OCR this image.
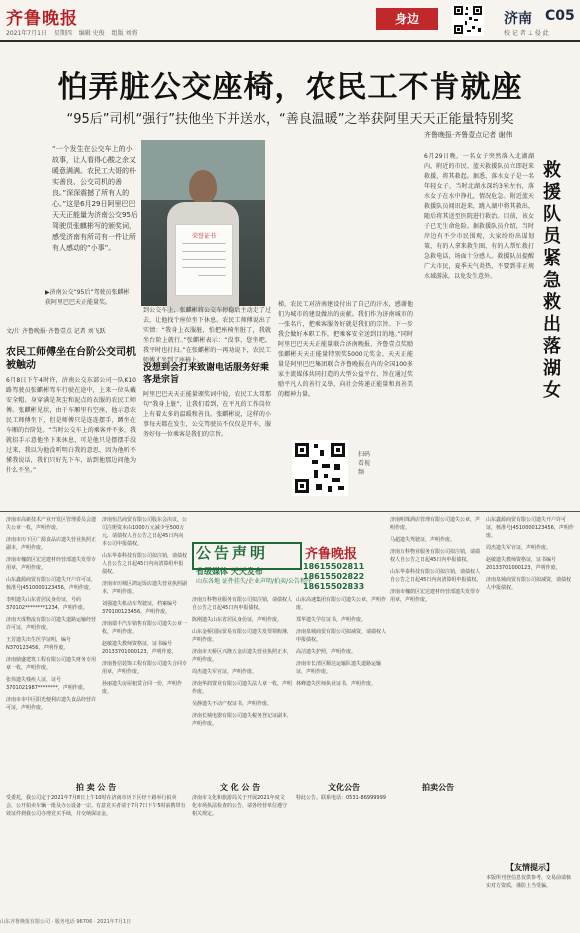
齐鲁晚报
2021年7月1日 星期四 编辑 史俊 组版 刘将
身边	济南 C05
校 记 者 ⊥ 侵 此
怕弄脏公交座椅，农民工不肯就座
“95后”司机“强行”扶他坐下并送水，“善良温暖”之举获阿里天天正能量特别奖
“一个发生在公交车上的小故事，让人看得心酸之余又暖意满满。农民工大哥的朴实善良、公交司机的善良。”深深震撼了所有人的心。”这是6月29日阿里巴巴天天正能量为济南公交95后驾驶员张麒彬写的颁奖词，感受济南有所司有一件让所有人感动的“小事”。
荣誉证书
▶济南公交“95后”驾驶员张麒彬获阿里巴巴天正能量奖。
文/片 齐鲁晚报·齐鲁壹点 记者 刘飞跃
农民工师傅坐在台阶公交司机被触动
6月8日下午4时许，济南公交东部公司一队K10路驾驶员张麒彬驾车行驶在途中，上来一位头戴安全帽、身穿满是灰尘和泥点的衣服的农民工师傅。张麒彬见状，由于车厢里有空座，他示意农民工师傅坐下，但是师傅只是连连摆手，蹲坐在车厢的台阶处。“当时公交车上的乘客并不多，我就招手示意他坐下来休息，可是他只是摆摆手没过来，我以为他没听明白我的意思，因为他听不懂我说话，我们只好先下车，站到他那边问他为什么不坐。”
到公交车上，张麒彬将公交车停稳后主动走了过去，让他找个座位坐下休息。农民工师傅说出了实情：“我身上衣服脏，怕把座椅坐脏了，我就坐台阶上就行。”张麒彬表示：“没事，您坐吧，我平时也打扫。”在张麒彬的一再劝说下，农民工师傅才坐到了座椅上。
没想到会打来致谢电话服务好乘客是宗旨
阿里巴巴天天正能量颁奖词中说，农民工大哥那句“我身上脏”，让我们看到，在平凡的工作岗位上有着太多的温暖和善良。张麒彬说，这样的小事每天都在发生，公交驾驶员不仅仅是开车，服务好每一位乘客是我们的宗旨。
梯，农民工对济南建设付出了自己的汗水，感谢他们为城市的建设做出的贡献。我们作为济南城市的一张名片，把乘客服务好就是我们的宗旨。下一步我会做好本职工作，把乘客安全送到目的地。”同时阿里巴巴天天正能量联合济南晚报、齐鲁壹点奖励张麒彬天天正能量特别奖5000元奖金。天天正能量是阿里巴巴集团联合齐鲁晚报在内的全国100多家主流媒体共同打造的大型公益平台，旨在通过奖励平凡人的善行义举，向社会传递正能量和真善美的精神力量。
扫码看视频
齐鲁晚报·齐鲁壹点记者 谢伟
救援队员紧急救出落湖女
6月29日晚，一名女子突然落入北湖湖内，附近的市民、蓝天救援队员立即赶来救援，将其救起。据悉，落水女子是一名年轻女子，当时北湖水深约3米左右，落水女子在水中挣扎，情况危急。附近蓝天救援队员闻讯赶来，跳入湖中将其救出，随后将其送至医院进行救治。目前，该女子已无生命危险。据救援队员介绍，当时岸边有不少市民围观，大家纷纷出谋划策，有的人拿来救生圈，有的人帮忙拨打急救电话，场面十分感人。救援队员提醒广大市民，夏季天气炎热，不要到非正规水域游泳，以免发生意外。
济南市高新技术产业开发区管理委员会遗失公章一枚，声明作废。
济南市历下区广源食品店遗失营业执照正副本，声明作废。
济南市槐荫区宏达建材经营部遗失发票专用章，声明作废。
山东鑫源商贸有限公司遗失开户许可证，核准号J4510000123456，声明作废。
李明遗失山东省居民身份证，号码370102********1234，声明作废。
济南天成物流有限公司遗失道路运输经营许可证，声明作废。
王芳遗失出生医学证明，编号N370123456，声明作废。
济南鼎盛建筑工程有限公司遗失财务专用章一枚，声明作废。
张伟遗失残疾人证，证号3701021987********，声明作废。
济南市市中区阳光便利店遗失食品经营许可证，声明作废。
济南恒昌商贸有限公司股东会决议，公司注册资本由1000万元减少至500万元，请债权人自公告之日起45日内向本公司申报债权。
山东华泰科技有限公司拟注销，请债权人自公告之日起45日内向清算组申报债权。
济南市历城区鸿运饭店遗失营业执照副本，声明作废。
刘强遗失机动车驾驶证，档案编号370100123456，声明作废。
济南瑞丰汽车销售有限公司遗失公章一枚，声明作废。
赵敏遗失教师资格证，证书编号20133701000123，声明作废。
济南鲁信装饰工程有限公司遗失合同专用章，声明作废。
孙丽遗失房屋租赁合同一份，声明作废。
公告声明
省级媒体 天天发布
山东各地 证件挂失/企业声明/拍卖/公告程序
齐鲁晚报
18615502811
18615502822
18615502833
济南万科物业服务有限公司拟注销，请债权人自公告之日起45日内申报债权。
陈刚遗失山东省居民身份证，声明作废。
山东金桥国际贸易有限公司遗失发票领购簿，声明作废。
济南市天桥区兴隆五金店遗失营业执照正本，声明作废。
周杰遗失军官证，声明作废。
济南华润置业有限公司遗失法人章一枚，声明作废。
吴静遗失不动产权证书，声明作废。
济南长城电器有限公司遗失税务登记证副本，声明作废。
山东高速集团有限公司遗失公章，声明作废。
郑华遗失学位证书，声明作废。
济南泉城商贸有限公司拟减资，请债权人申报债权。
高洁遗失护照，声明作废。
济南市长清区顺达运输队遗失道路运输证，声明作废。
林峰遗失医师执业证书，声明作废。
济南明珠酒店管理有限公司遗失公章，声明作废。
马超遗失驾驶证，声明作废。
济南万科物业服务有限公司拟注销，请债权人自公告之日起45日内申报债权。
山东华泰科技有限公司拟注销，请债权人自公告之日起45日内向清算组申报债权。
济南市槐荫区宏达建材经营部遗失发票专用章，声明作废。
山东鑫源商贸有限公司遗失开户许可证，核准号J4510000123456，声明作废。
周杰遗失军官证，声明作废。
赵敏遗失教师资格证，证书编号20133701000123，声明作废。
济南泉城商贸有限公司拟减资，请债权人申报债权。
拍 卖 公 告
受委托，我公司定于2021年7月8日上午10时在济南市历下区经十路举行拍卖会，公开拍卖车辆一批及办公设备一宗。有意竞买者请于7月7日下午5时前携带有效证件到我公司办理竞买手续，并交纳保证金。
文 化 公 告
济南市文化和旅游局关于开展2021年度文化市场执法检查的公告，请各经营单位遵守相关规定。
文化公告
特此公告。联系电话：0531-86999999
拍卖公告
【友情提示】
本版所刊登信息仅供参考，交易前请核实对方资质，谨防上当受骗。
山东齐鲁晚报有限公司 · 服务电话 96706 · 2021年7月1日
